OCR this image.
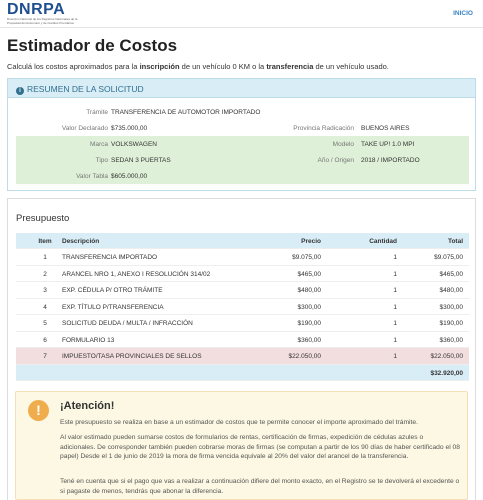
DNRPA
Dirección Nacional de los Registros Nacionales de la Propiedad del Automotor y de Créditos Prendarios
INICIO
Estimador de Costos

Calculá los costos aproximados para la inscripción de un vehículo 0 KM o la transferencia de un vehículo usado.

i RESUMEN DE LA SOLICITUD
Trámite TRANSFERENCIA DE AUTOMOTOR IMPORTADO
Valor Declarado $735.000,00	Provincia Radicación BUENOS AIRES
Marca VOLKSWAGEN	Modelo TAKE UP! 1.0 MPI
Tipo SEDAN 3 PUERTAS	Año / Origen 2018 / IMPORTADO
Valor Tabla $605.000,00
Presupuesto
Item	Descripción	Precio	Cantidad	Total
1	TRANSFERENCIA IMPORTADO	$9.075,00	1	$9.075,00
2	ARANCEL NRO 1, ANEXO I RESOLUCIÓN 314/02	$465,00	1	$465,00
3	EXP. CÉDULA P/ OTRO TRÁMITE	$480,00	1	$480,00
4	EXP. TÍTULO P/TRANSFERENCIA	$300,00	1	$300,00
5	SOLICITUD DEUDA / MULTA / INFRACCIÓN	$190,00	1	$190,00
6	FORMULARIO 13	$360,00	1	$360,00
7	IMPUESTO/TASA PROVINCIALES DE SELLOS	$22.050,00	1	$22.050,00
$32.920,00
!	¡Atención!

Este presupuesto se realiza en base a un estimador de costos que te permite conocer el importe aproximado del trámite.

Al valor estimado pueden sumarse costos de formularios de rentas, certificación de firmas, expedición de cédulas azules o adicionales. De corresponder también pueden cobrarse moras de firmas (se computan a partir de los 90 días de haber certificado el 08 papel) Desde el 1 de junio de 2019 la mora de firma vencida equivale al 20% del valor del arancel de la transferencia.

Tené en cuenta que si el pago que vas a realizar a continuación difiere del monto exacto, en el Registro se te devolverá el excedente o si pagaste de menos, tendrás que abonar la diferencia.
